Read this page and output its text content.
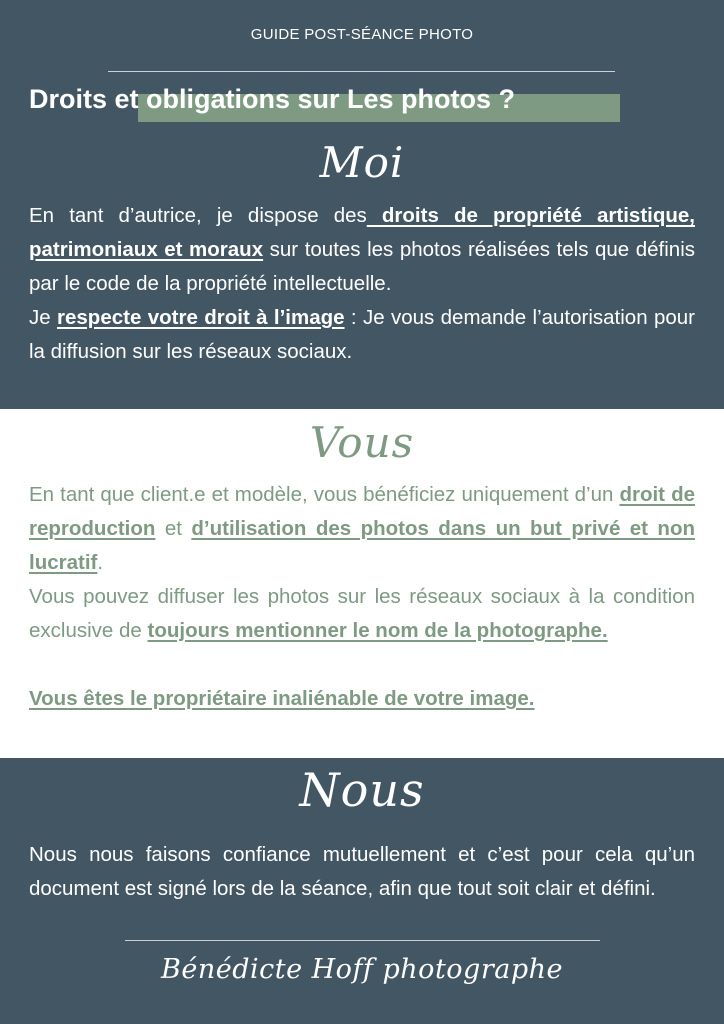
GUIDE POST-SÉANCE PHOTO
Droits et obligations sur Les photos ?
Moi

En tant d’autrice, je dispose des droits de propriété artistique, patrimoniaux et moraux sur toutes les photos réalisées tels que définis par le code de la propriété intellectuelle.

Je respecte votre droit à l’image : Je vous demande l’autorisation pour la diffusion sur les réseaux sociaux.

Vous

En tant que client.e et modèle, vous bénéficiez uniquement d’un droit de reproduction et d’utilisation des photos dans un but privé et non lucratif.

Vous pouvez diffuser les photos sur les réseaux sociaux à la condition exclusive de toujours mentionner le nom de la photographe.

Vous êtes le propriétaire inaliénable de votre image.

Nous

Nous nous faisons confiance mutuellement et c’est pour cela qu’un document est signé lors de la séance, afin que tout soit clair et défini.

Bénédicte Hoff photographe
